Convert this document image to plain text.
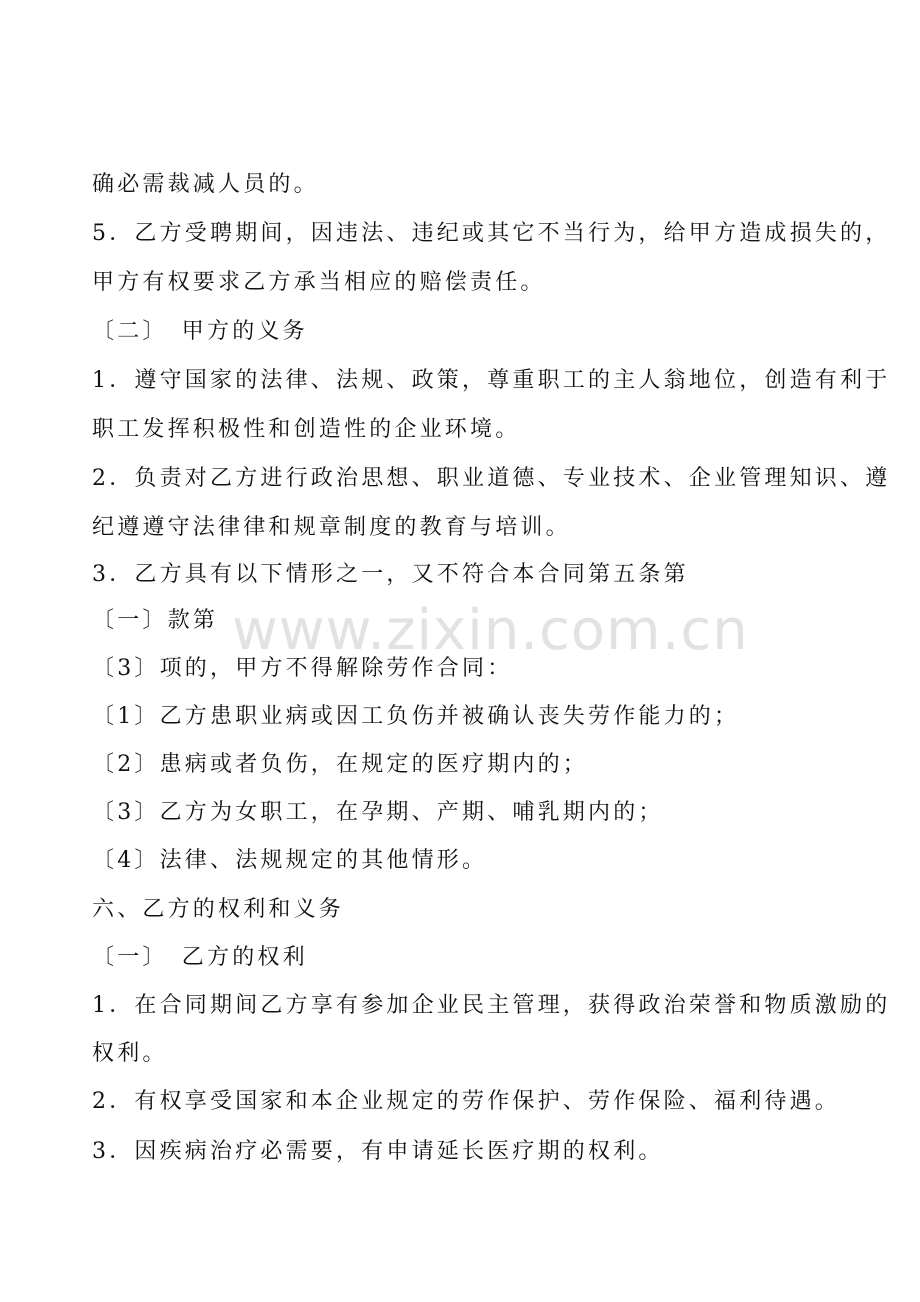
确必需裁减人员的。
5．乙方受聘期间，因违法、违纪或其它不当行为，给甲方造成损失的，
甲方有权要求乙方承当相应的赔偿责任。
〔二〕　甲方的义务
1．遵守国家的法律、法规、政策，尊重职工的主人翁地位，创造有利于
职工发挥积极性和创造性的企业环境。
2．负责对乙方进行政治思想、职业道德、专业技术、企业管理知识、遵
纪遵遵守法律律和规章制度的教育与培训。
3．乙方具有以下情形之一，又不符合本合同第五条第
〔一〕款第
〔3〕项的，甲方不得解除劳作合同：
〔1〕乙方患职业病或因工负伤并被确认丧失劳作能力的；
〔2〕患病或者负伤，在规定的医疗期内的；
〔3〕乙方为女职工，在孕期、产期、哺乳期内的；
〔4〕法律、法规规定的其他情形。
六、乙方的权利和义务
〔一〕　乙方的权利
1．在合同期间乙方享有参加企业民主管理，获得政治荣誉和物质激励的
权利。
2．有权享受国家和本企业规定的劳作保护、劳作保险、福利待遇。
3．因疾病治疗必需要，有申请延长医疗期的权利。
www.zixin.com.cn
